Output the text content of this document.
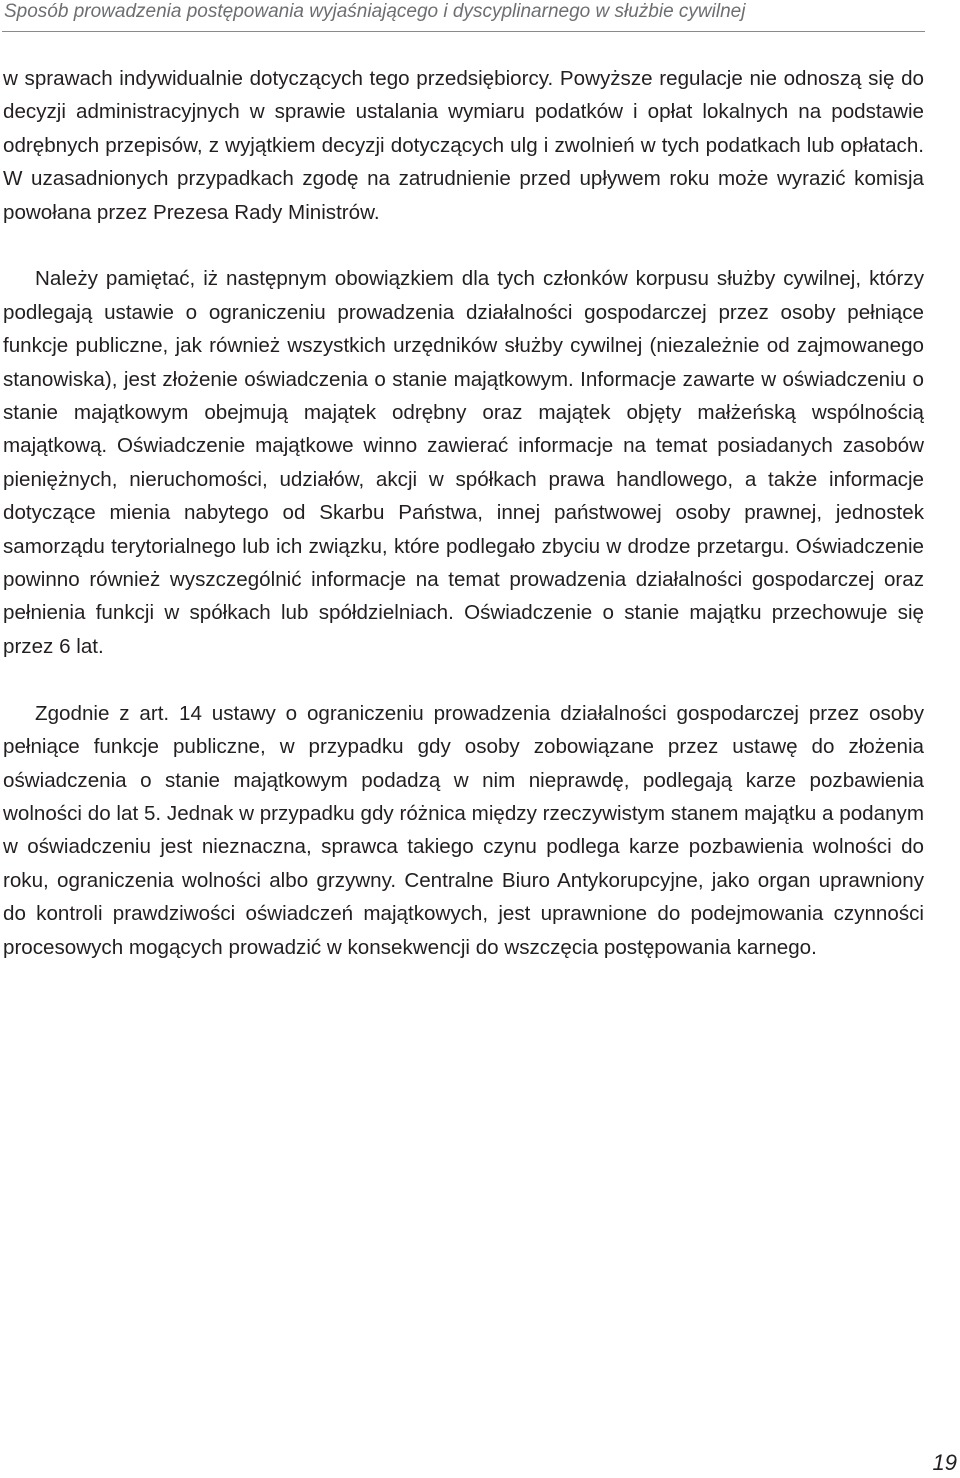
Sposób prowadzenia postępowania wyjaśniającego i dyscyplinarnego w służbie cywilnej

w sprawach indywidualnie dotyczących tego przedsiębiorcy. Powyższe regulacje nie odnoszą się do decyzji administracyjnych w sprawie ustalania wymiaru podatków i opłat lokalnych na podstawie odrębnych przepisów, z wyjątkiem decyzji dotyczących ulg i zwolnień w tych podatkach lub opłatach. W uzasadnionych przypadkach zgodę na zatrudnienie przed upływem roku może wyrazić komisja powołana przez Prezesa Rady Ministrów.

Należy pamiętać, iż następnym obowiązkiem dla tych członków korpusu służby cywilnej, którzy podlegają ustawie o ograniczeniu prowadzenia działalności gospodarczej przez osoby pełniące funkcje publiczne, jak również wszystkich urzędników służby cywilnej (niezależnie od zajmowanego stanowiska), jest złożenie oświadczenia o stanie majątkowym. Informacje zawarte w oświadczeniu o stanie majątkowym obejmują majątek odrębny oraz majątek objęty małżeńską wspólnością majątkową. Oświadczenie majątkowe winno zawierać informacje na temat posiadanych zasobów pieniężnych, nieruchomości, udziałów, akcji w spółkach prawa handlowego, a także informacje dotyczące mienia nabytego od Skarbu Państwa, innej państwowej osoby prawnej, jednostek samorządu terytorialnego lub ich związku, które podlegało zbyciu w drodze przetargu. Oświadczenie powinno również wyszczególnić informacje na temat prowadzenia działalności gospodarczej oraz pełnienia funkcji w spółkach lub spółdzielniach. Oświadczenie o stanie majątku przechowuje się przez 6 lat.

Zgodnie z art. 14 ustawy o ograniczeniu prowadzenia działalności gospodarczej przez osoby pełniące funkcje publiczne, w przypadku gdy osoby zobowiązane przez ustawę do złożenia oświadczenia o stanie majątkowym podadzą w nim nieprawdę, podlegają karze pozbawienia wolności do lat 5. Jednak w przypadku gdy różnica między rzeczywistym stanem majątku a podanym w oświadczeniu jest nieznaczna, sprawca takiego czynu podlega karze pozbawienia wolności do roku, ograniczenia wolności albo grzywny. Centralne Biuro Antykorupcyjne, jako organ uprawniony do kontroli prawdziwości oświadczeń majątkowych, jest uprawnione do podejmowania czynności procesowych mogących prowadzić w konsekwencji do wszczęcia postępowania karnego.

19
